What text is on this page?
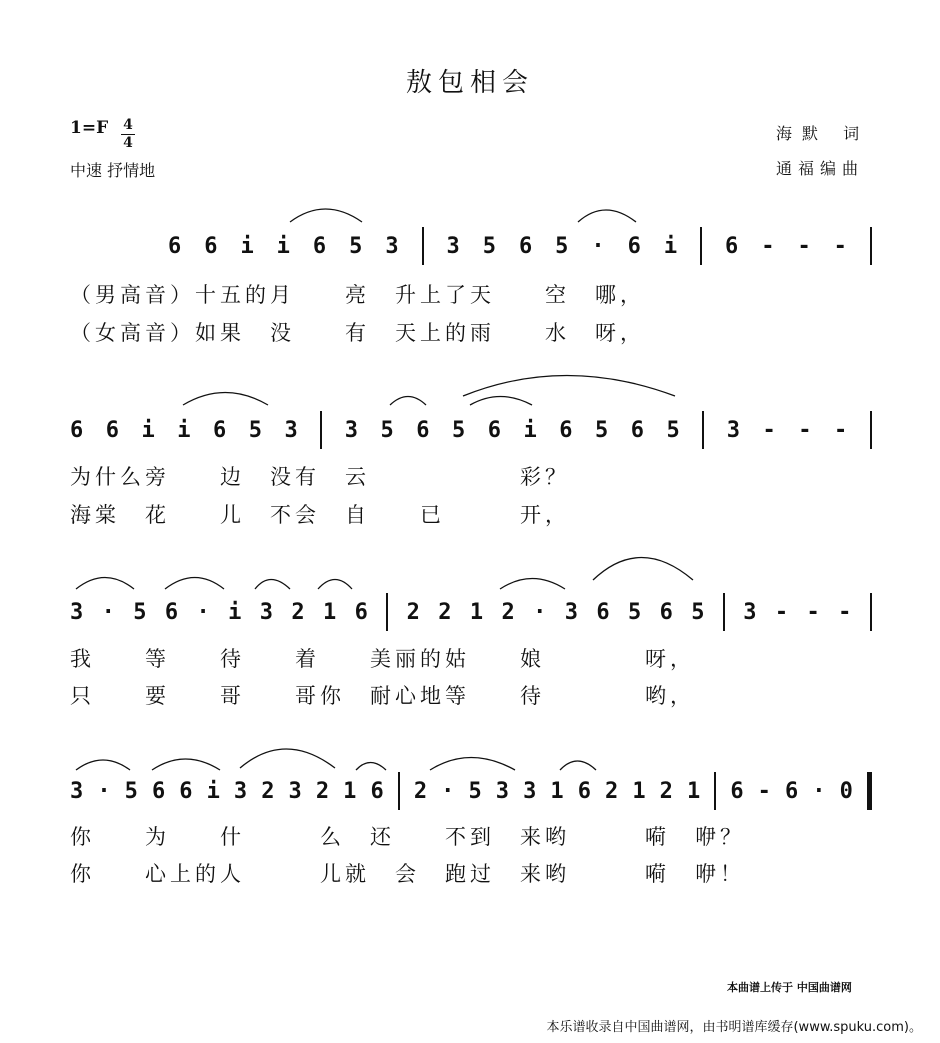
敖包相会
1=F 4
4
中速 抒情地
海默 词
通福编曲
6 6 i i 6 5 3 3 5 6 5 · 6 i 6 - - -
（男高音）十五的月　　亮　升上了天　　空　哪，
（女高音）如果　没　　有　天上的雨　　水　呀，
6 6 i i 6 5 3 3 5 6 5 6 i 6 5 6 5 3 - - -
为什么旁　　边　没有　云　　　　　　彩？
海棠　花　　儿　不会　自　　已　　　开，
3 · 5 6 · i 3 2 1 6 2 2 1 2 · 3 6 5 6 5 3 - - -
我　　等　　待　　着　　美丽的姑　　娘　　　　呀，
只　　要　　哥　　哥你　耐心地等　　待　　　　哟，
3 · 5 6 6 i 3 2 3 2 1 6 2 · 5 3 3 1 6 2 1 2 1 6 - 6 · 0
你　　为　　什　　　么　还　　不到　来哟　　　嗬　咿？
你　　心上的人　　　儿就　会　跑过　来哟　　　嗬　咿！
本曲谱上传于 中国曲谱网
本乐谱收录自中国曲谱网，由书明谱库缓存(www.spuku.com)。
